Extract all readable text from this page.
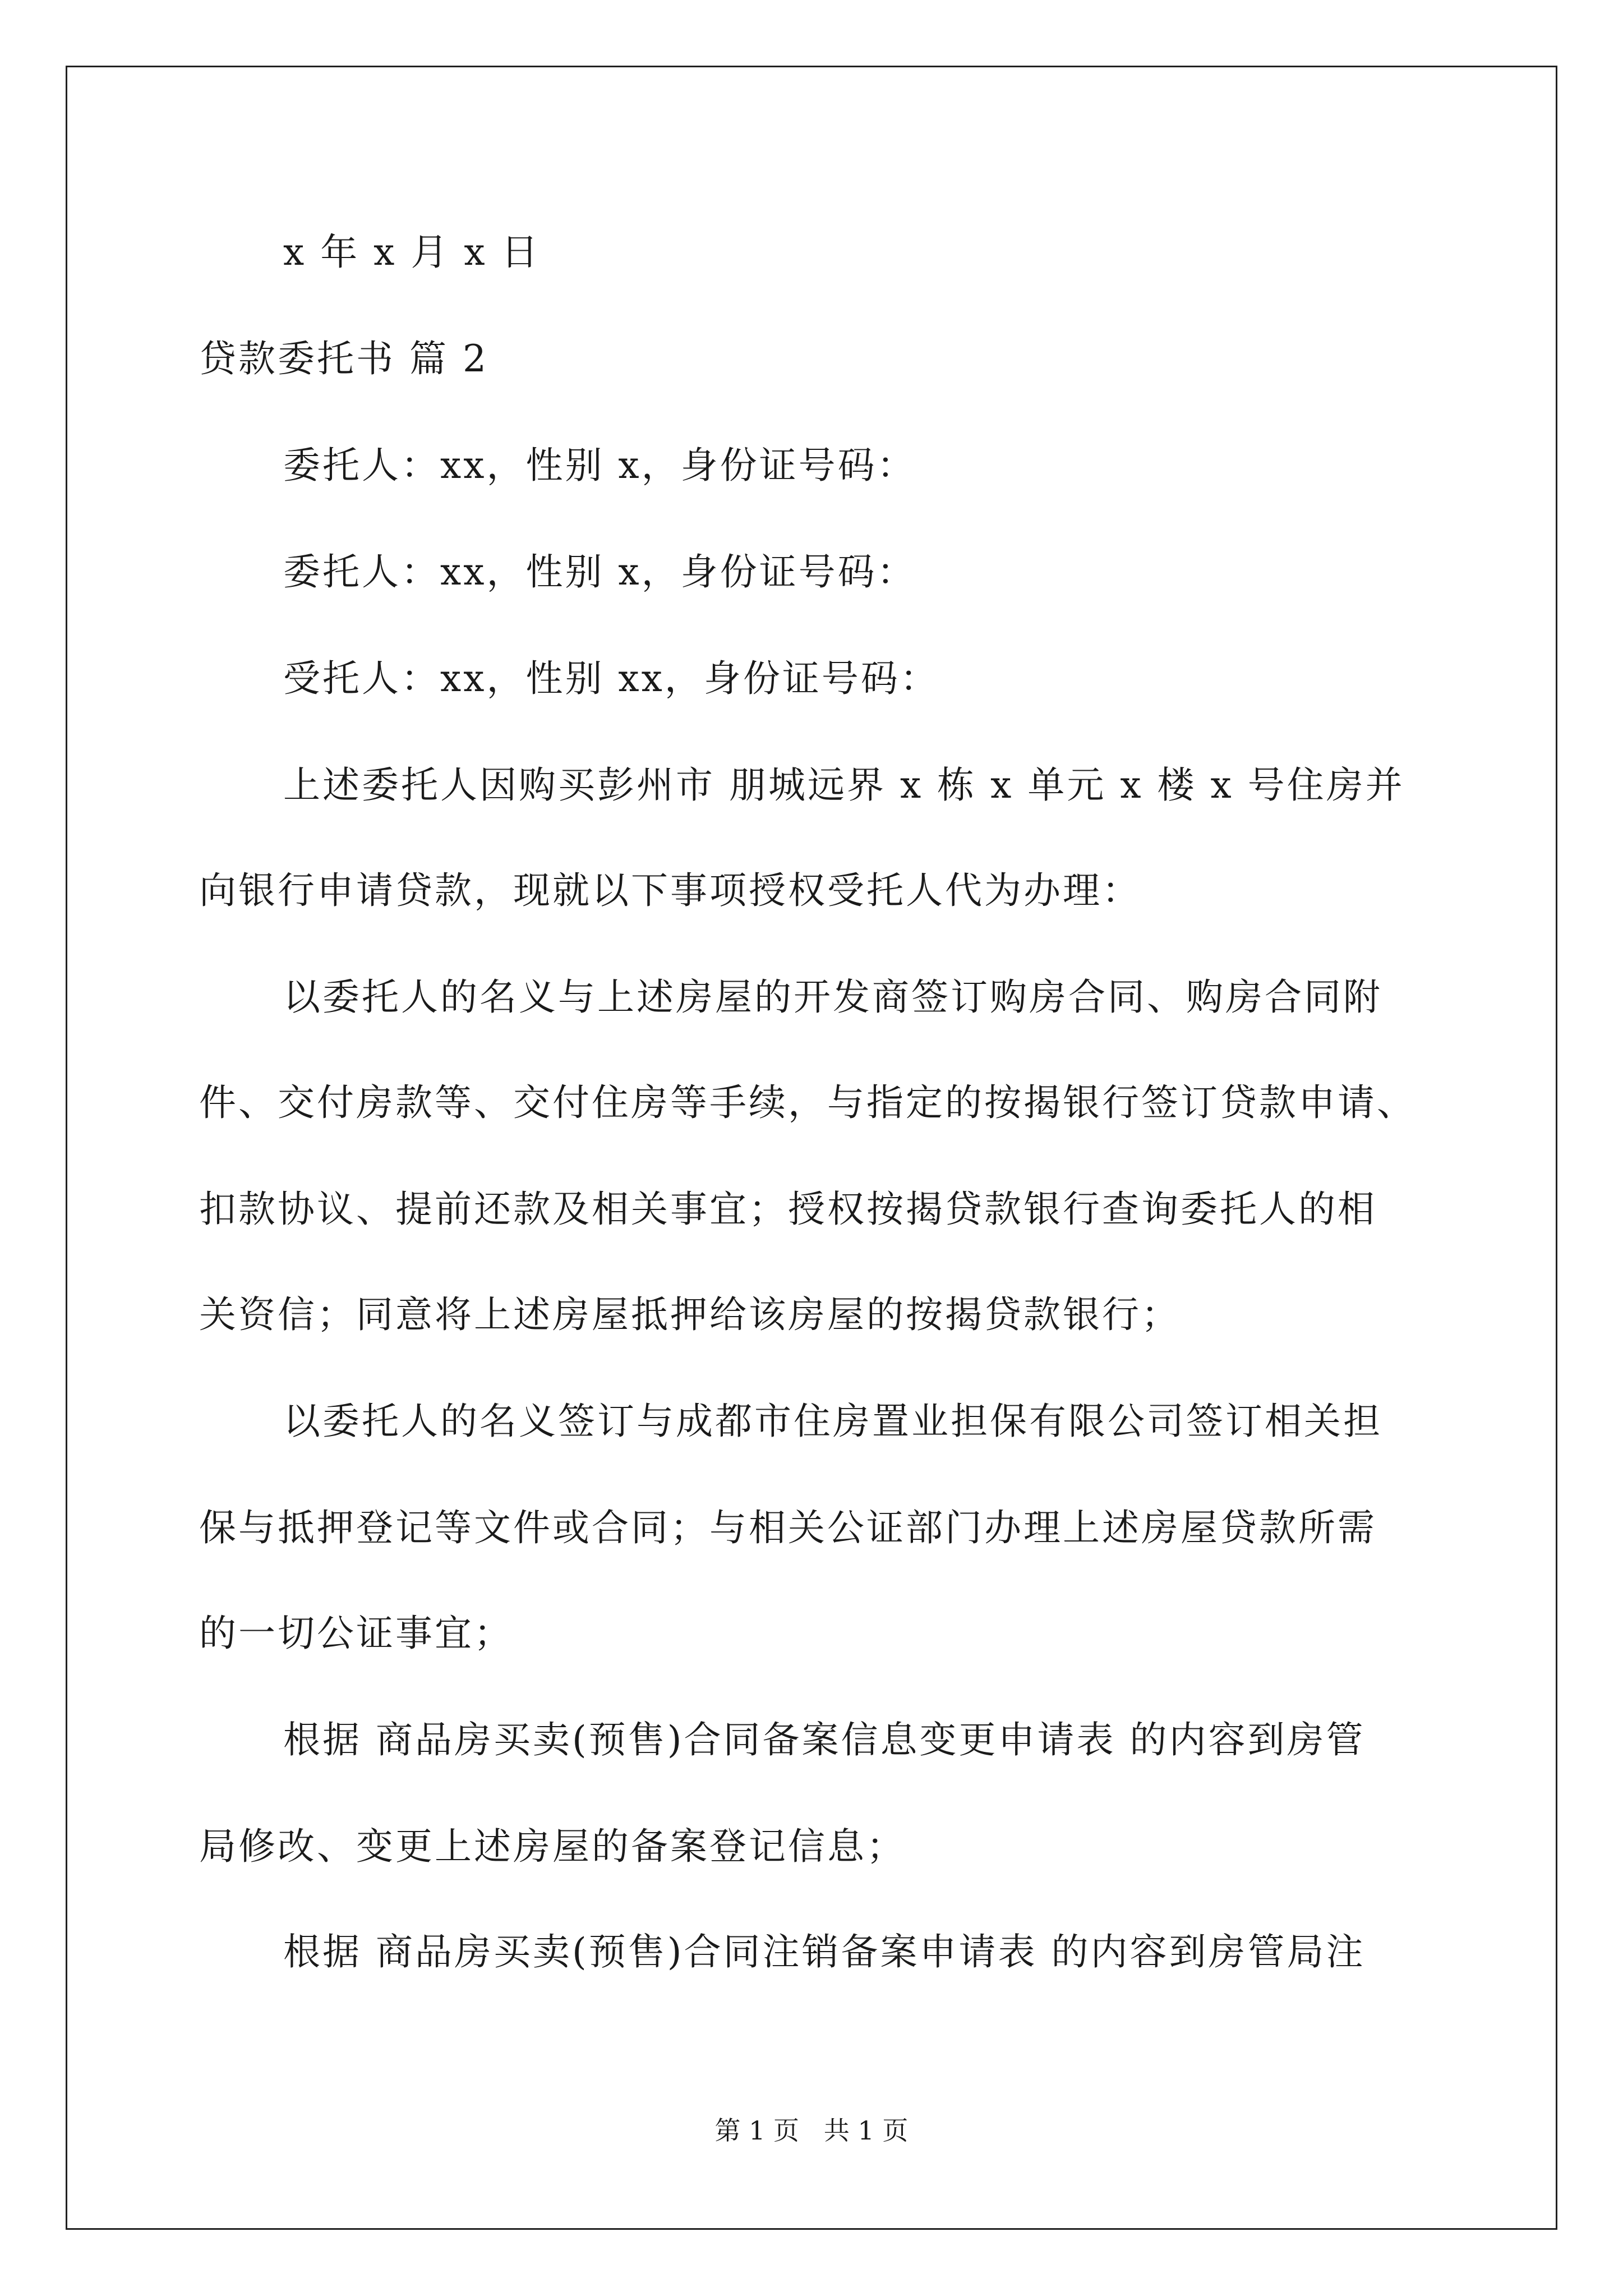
x 年 x 月 x 日
贷款委托书 篇 2
委托人：xx，性别 x，身份证号码：
委托人：xx，性别 x，身份证号码：
受托人：xx，性别 xx，身份证号码：
上述委托人因购买彭州市 朋城远界 x 栋 x 单元 x 楼 x 号住房并
向银行申请贷款，现就以下事项授权受托人代为办理：
以委托人的名义与上述房屋的开发商签订购房合同、购房合同附
件、交付房款等、交付住房等手续，与指定的按揭银行签订贷款申请、
扣款协议、提前还款及相关事宜；授权按揭贷款银行查询委托人的相
关资信；同意将上述房屋抵押给该房屋的按揭贷款银行；
以委托人的名义签订与成都市住房置业担保有限公司签订相关担
保与抵押登记等文件或合同；与相关公证部门办理上述房屋贷款所需
的一切公证事宜；
根据 商品房买卖(预售)合同备案信息变更申请表 的内容到房管
局修改、变更上述房屋的备案登记信息；
根据 商品房买卖(预售)合同注销备案申请表 的内容到房管局注
第 1 页   共 1 页
